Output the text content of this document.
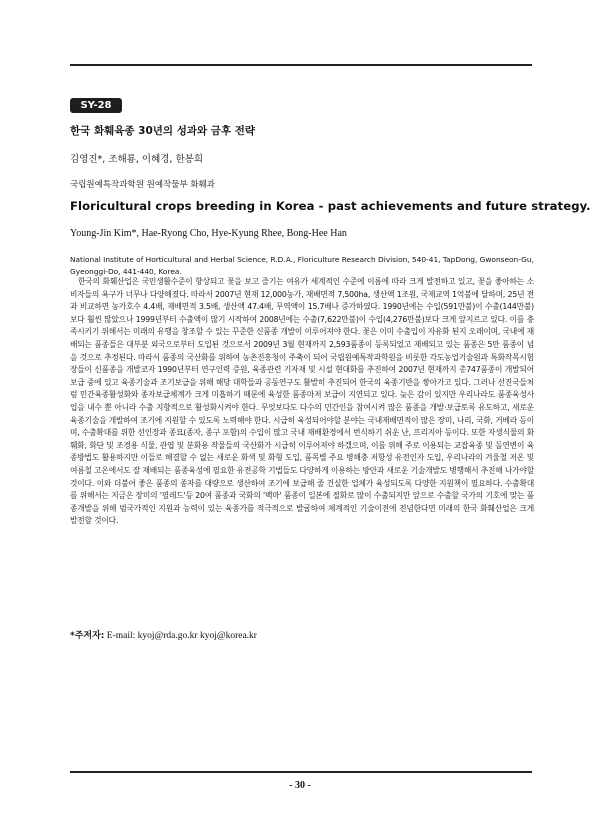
SY-28
한국 화훼육종 30년의 성과와 금후 전략
김영진*, 조해룡, 이혜경, 한봉희
국립원예특작과학원 원예작물부 화훼과
Floricultural crops breeding in Korea - past achievements and future strategy.
Young-Jin Kim*, Hae-Ryong Cho, Hye-Kyung Rhee, Bong-Hee Han
National Institute of Horticultural and Herbal Science, R.D.A., Floriculture Research Division, 540-41, TapDong, Gwonseon-Gu, Gyeonggi-Do, 441-440, Korea.

한국의 화훼산업은 국민생활수준이 향상되고 꽃을 보고 즐기는 여유가 세계적인 수준에 이름에 따라 크게 발전하고 있고, 꽃을 좋아하는 소비자들의 욕구가 너무나 다양해졌다. 따라서 2007년 현재 12,000농가, 재배면적 7,500ha, 생산액 1조원, 국제교역 1억불에 달하며, 25년 전과 비교하면 농가호수 4.4배, 재배면적 3.5배, 생산액 47.4배, 무역액이 15.7배나 증가하였다. 1990년에는 수입(591만불)이 수출(144만불)보다 훨씬 많았으나 1999년부터 수출액이 많기 시작하여 2008년에는 수출(7,622만불)이 수입(4,276만불)보다 크게 앞지르고 있다. 이를 충족시키기 위해서는 미래의 유행을 창조할 수 있는 꾸준한 신품종 개발이 이루어져야 한다. 꽃은 이미 수출입이 자유화 된지 오래이며, 국내에 재배되는 품종들은 대부분 외국으로부터 도입된 것으로서 2009년 3월 현재까지 2,593품종이 등록되었고 재배되고 있는 품종은 5만 품종이 넘을 것으로 추정된다. 따라서 품종의 국산화를 위하여 농촌진흥청이 주축이 되어 국립원예특작과학원을 비롯한 각도농업기술원과 특화작목시험장들이 신품종을 개발코자 1990년부터 연구인력 증원, 육종관련 기자재 및 시설 현대화를 추진하여 2007년 현재까지 총747품종이 개발되어 보급 중에 있고 육종기술과 조기보급을 위해 해당 대학들과 공동연구도 활발히 추진되어 한국의 육종기반을 쌓아가고 있다. 그러나 선진국들처럼 민간육종활성화와 종자보급체계가 크게 미흡하기 때문에 육성한 품종마저 보급이 지연되고 있다. 늦은 감이 있지만 우리나라도 품종육성사업을 내수 뿐 아니라 수출 지향적으로 활성화시켜야 한다. 무엇보다도 다수의 민간인을 참여시켜 많은 품종을 개발·보급토록 유도하고, 새로운 육종기술을 개발하여 조기에 지원할 수 있도록 노력해야 한다. 시급히 육성되어야할 분야는 국내재배면적이 많은 장미, 나리, 국화, 거베라 등이며, 수출확대를 위한 선인장과 종묘(종자, 종구 포함)의 수입이 많고 국내 재배환경에서 번식하기 쉬운 난, 프리지아 등이다. 또한 자생식물의 화훼화, 화단 및 조경용 식물, 관엽 및 분화용 작물들의 국산화가 시급히 이루어져야 하겠으며, 이를 위해 주로 이용되는 교잡육종 및 돌연변이 육종방법도 활용하지만 이들로 해결할 수 없는 새로운 화색 및 화형 도입, 품목별 주요 병해충 저항성 유전인자 도입, 우리나라의 겨울철 저온 및 여름철 고온에서도 잘 재배되는 품종육성에 필요한 유전공학 기법들도 다양하게 이용하는 방안과 새로운 기술개발도 병행해서 추진해 나가야할 것이다. 이와 더불어 좋은 품종의 종자를 대량으로 생산하여 조기에 보급해 줄 건실한 업체가 육성되도록 다양한 지원책이 필요하다. 수출확대를 위해서는 지금은 장미의 '필레드'등 20여 품종과 국화의 '백마' 품종이 일본에 절화로 많이 수출되지만 앞으로 수출할 국가의 기호에 맞는 품종개발을 위해 범국가적인 지원과 능력이 있는 육종가를 적극적으로 발굴하여 체계적인 기술이전에 전념한다면 미래의 한국 화훼산업은 크게 발전할 것이다.

*주저자: E-mail: kyoj@rda.go.kr kyoj@korea.kr
- 30 -
